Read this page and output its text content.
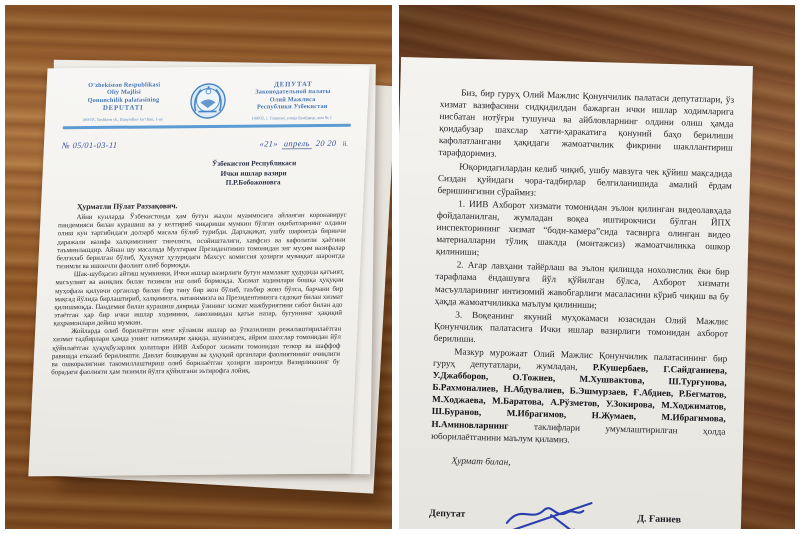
O'zbekiston Respublikasi
Oliy Majlisi
Qonunchilik palatasining
DEPUTATI
100035, Toshkent sh., Bunyodkor ko'chasi, 1-uy
ДЕПУТАТ
Законодательной палаты
Олий Мажлиса
Республики Узбекистан
100035, г. Ташкент, улица Бунёдкор, дом № 1
№ 05/01-03-11	«21» апрель 20 20 й.
Ўзбекистон Республикаси
Ички ишлар вазири
П.Р.Бобожоновга
Ҳурматли Пўлат Раззақович.

Айни кунларда Ўзбекистонда ҳам бутун жаҳон муаммосига айланган коронавирус пандемияси билан курашиш ва у келтириб чиқариши мумкин бўлган оқибатларнинг олдини олиш кун тартибидаги долзарб масала бўлиб турибди. Дарҳақиқат, ушбу шароитда биринчи даражали вазифа халқимизнинг тинчлиги, осойишталиги, хавфсиз ва кафолатли ҳаётини таъминлашдир. Айнан шу масалада Мухтарам Президентимиз томонидан энг муҳим вазифалар белгилаб берилган бўлиб, Ҳукумат ҳузуридаги Махсус комиссия ҳозирги муваққат шароитда тизимли ва ишончли фаолият олиб бормоқда.

Шак-шубҳасиз айтиш мумкинки, Ички ишлар вазирлиги бутун мамлакат ҳудудида қатъият, масъулият ва аниқлик билан тизимли иш олиб бормоқда. Хизмат ходимлари бошқа ҳуқуқни муҳофаза қилувчи органлар билан бир тану бир жон бўлиб, таъбир жоиз бўлса, барчани бир мақсад йўлида бирлаштириб, халқимизга, ватанимизга ва Президентимизга садоқат билан хизмат қилишмоқда. Пандемия билан курашиш даврида ўзининг хизмат мажбуриятини сабот билан адо этаётган ҳар бир ички ишлар ходимини, лавозимидан қатъи назар, бугуннинг ҳақиқий қаҳрамонлари дейиш мумкин.

Жойларда олиб борилаётган кенг кўламли ишлар ва ўтказилиши режалаштирилаётган хизмат тадбирлари ҳамда унинг натижалари ҳақида, шунингдек, айрим шахслар томонидан йўл қўйилаётган ҳуқуқбузарлик ҳолатлари ИИВ Ахборот хизмати томонидан тезкор ва шаффоф равишда етказиб берилияпти. Давлат бошқаруви ва ҳуқуқий органлари фаолиятининг очиқлиги ва ошкоралигини такомиллаштириш олиб борилаётган ҳозирги шароитда Вазирликнинг бу борадаги фаолияти ҳам тизимли йўлга қўйилгани эътирофга лойиқ.

Биз, бир гуруҳ Олий Мажлис Қонунчилик палатаси депутатлари, ўз хизмат вазифасини сидқидилдан бажарган ички ишлар ходимларига нисбатан нотўғри тушунча ва айбловларнинг олдини олиш ҳамда қоидабузар шахслар хатти-ҳаракатига қонуний баҳо берилиши кафолатлангани ҳақидаги жамоатчилик фикрини шакллантириш тарафдоримиз.

Юқоридагилардан келиб чиқиб, ушбу мавзуга чек қўйиш мақсадида Сиздан қуйидаги чора-тадбирлар белгиланишида амалий ёрдам беришингизни сўраймиз:

1. ИИВ Ахборот хизмати томонидан эълон қилинган видеолавҳада фойдаланилган, жумладан воқеа иштирокчиси бўлган ЙПХ инспекторининг хизмат “боди-камера”сида тасвирга олинган видео материалларни тўлиқ шаклда (монтажсиз) жамоатчиликка ошкор қилиниши;

2. Агар лавҳани тайёрлаш ва эълон қилишда нохолислик ёки бир тарафлама ёндашувга йўл қўйилган бўлса, Ахборот хизмати масъулларининг интизомий жавобгарлиги масаласини кўриб чиқиш ва бу ҳақда жамоатчиликка маълум қилиниши;

3. Воқеанинг якуний муҳокамаси юзасидан Олий Мажлис Қонунчилик палатасига Ички ишлар вазирлиги томонидан ахборот берилиши.

Мазкур мурожаат Олий Мажлис Қонунчилик палатасининг бир гуруҳ депутатлари, жумладан, Р.Кушербаев, Г.Сайдганиева, У.Джабборов, О.Тожиев, М.Хушвактова, Ш.Турғунова, Б.Рахмоналиев, Н.Абдувалиев, Б.Эшмурзаев, Ғ.Абдиев, Р.Бегматов, М.Ходжаева, М.Баратова, А.Рўзметов, У.Зокирова, М.Ходжиматов, Ш.Буранов, М.Ибрагимов, Н.Жумаев, М.Ибрагимова, Н.Аминовларнинг таклифлари умумлаштирилган ҳолда юборилаётганини маълум қиламиз.

Ҳурмат билан,
Депутат	Д. Ғаниев
